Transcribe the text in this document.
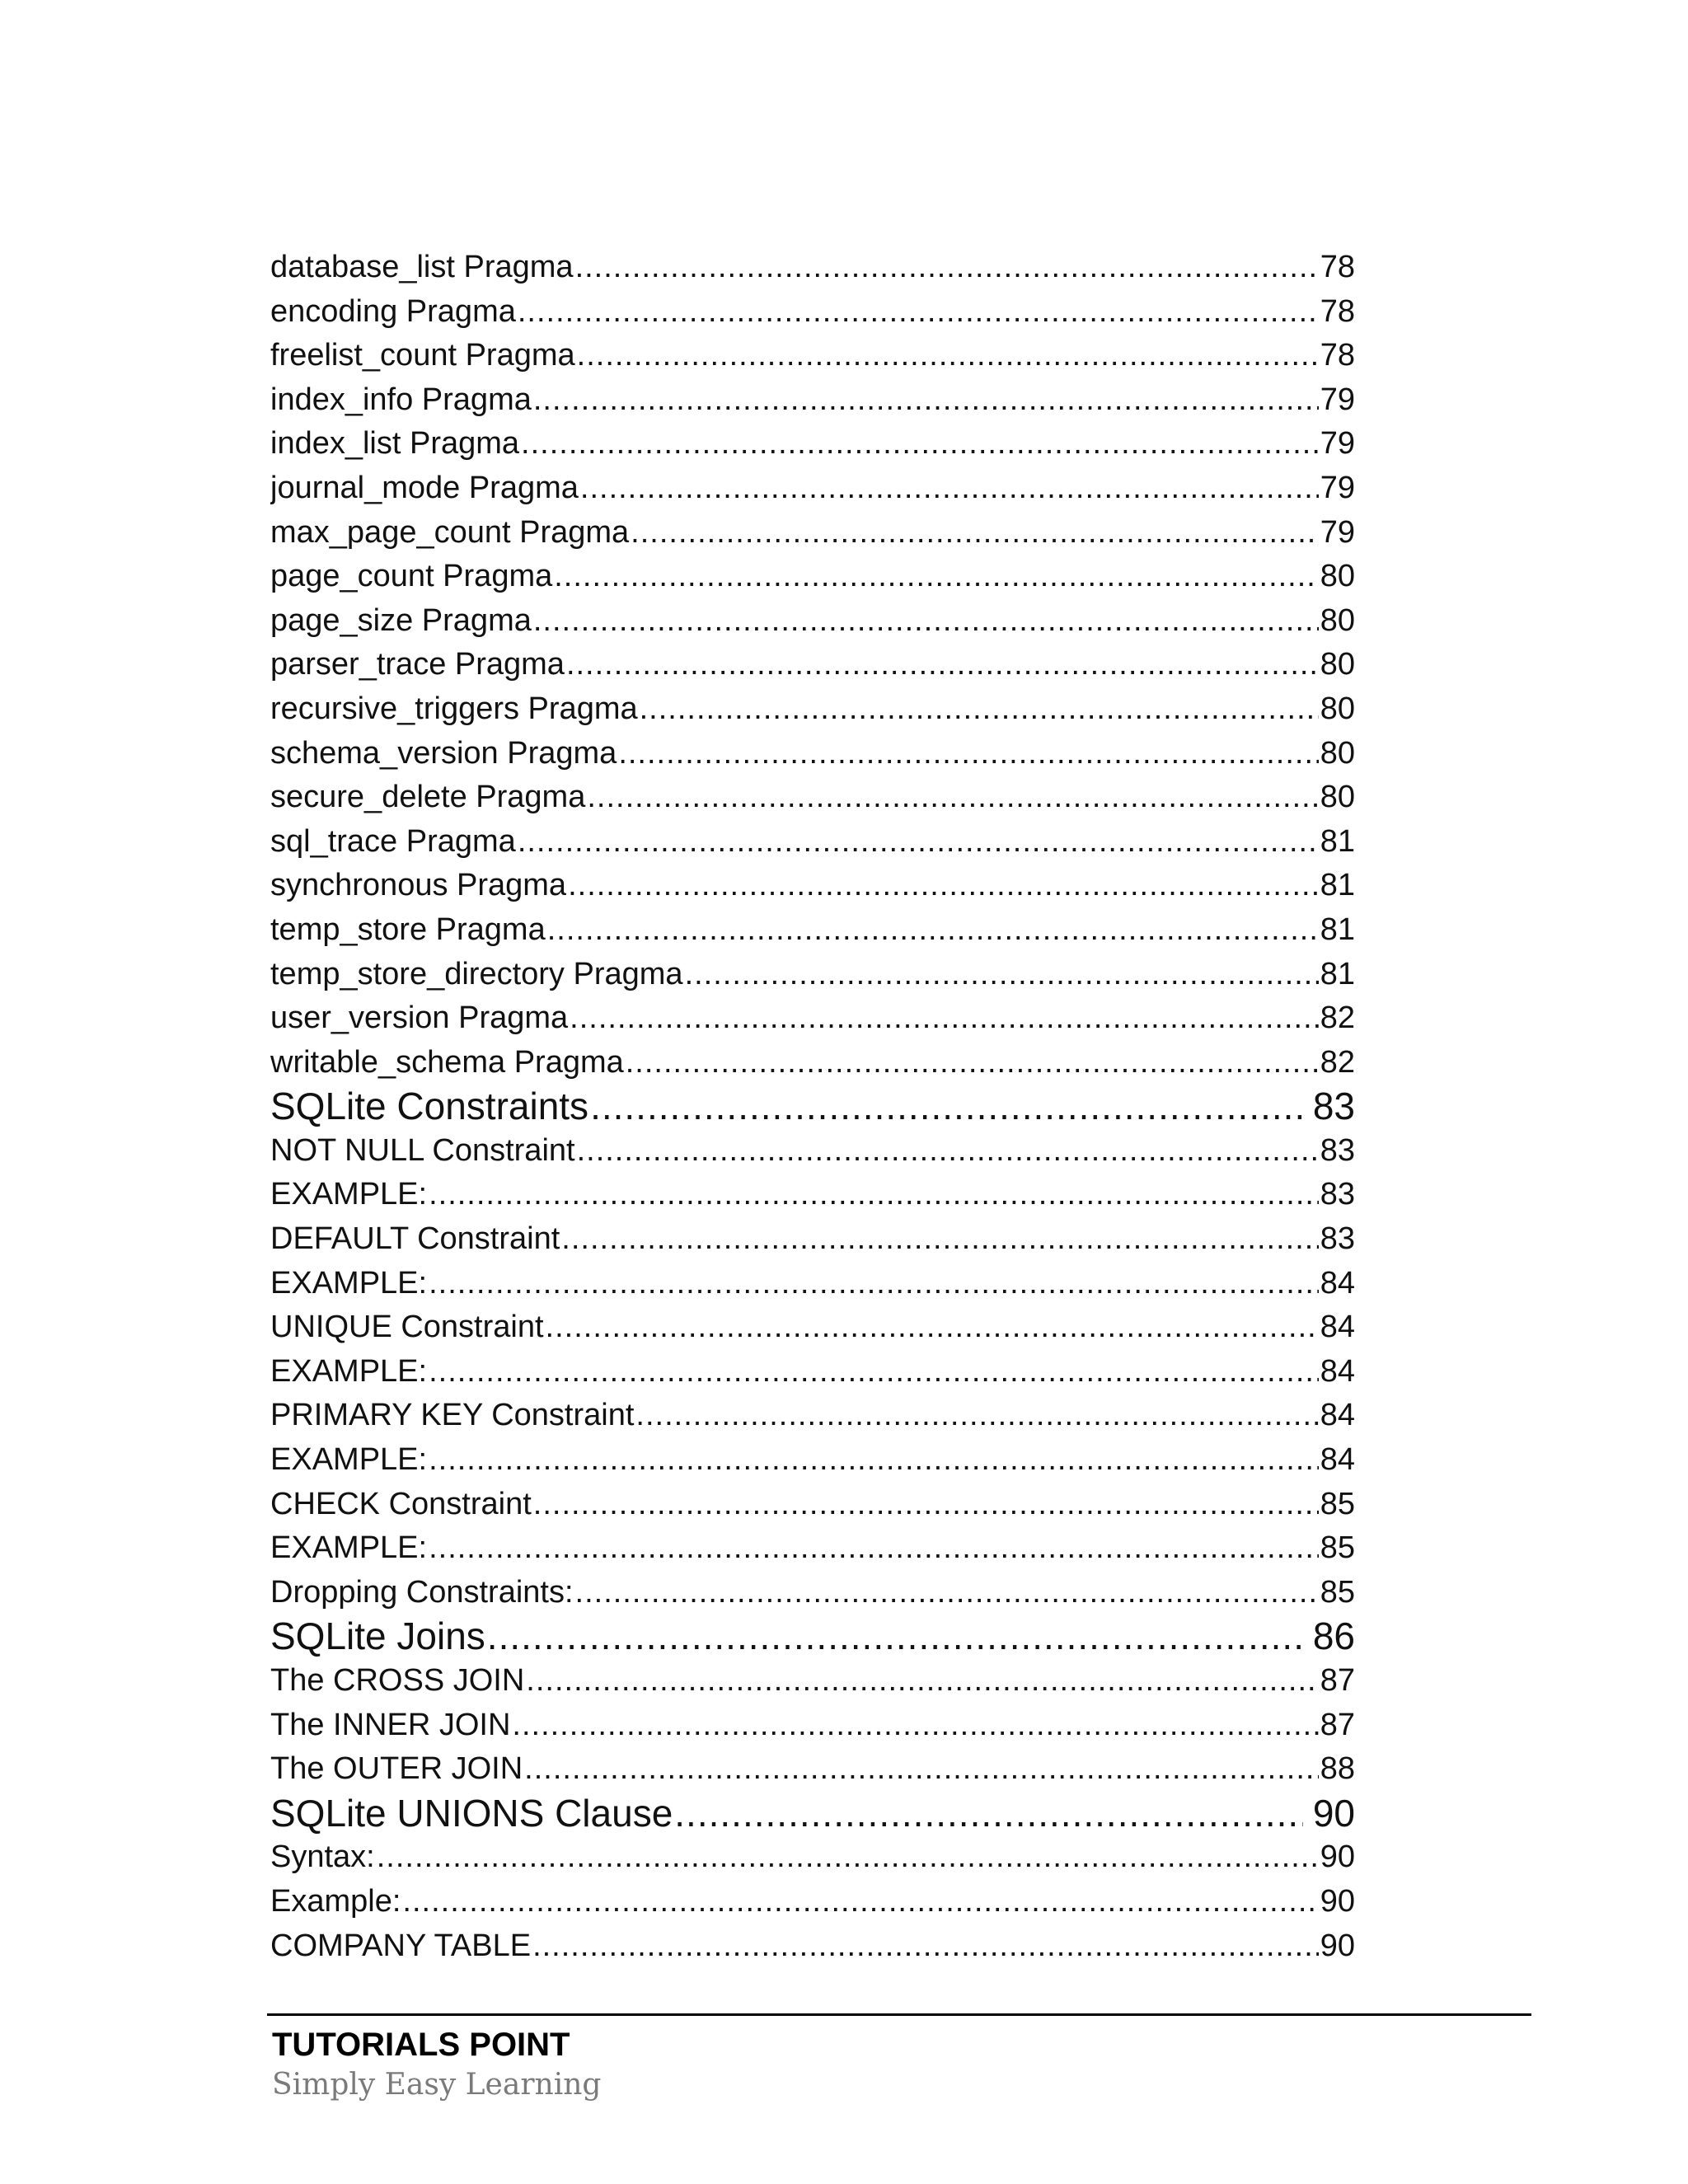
database_list Pragma .....	78
encoding Pragma .....	78
freelist_count Pragma .....	78
index_info Pragma .....	79
index_list Pragma .....	79
journal_mode Pragma .....	79
max_page_count Pragma .....	79
page_count Pragma .....	80
page_size Pragma .....	80
parser_trace Pragma .....	80
recursive_triggers Pragma .....	80
schema_version Pragma .....	80
secure_delete Pragma .....	80
sql_trace Pragma .....	81
synchronous Pragma .....	81
temp_store Pragma .....	81
temp_store_directory Pragma .....	81
user_version Pragma .....	82
writable_schema Pragma .....	82
SQLite Constraints .....	83
NOT NULL Constraint .....	83
EXAMPLE: .....	83
DEFAULT Constraint .....	83
EXAMPLE: .....	84
UNIQUE Constraint .....	84
EXAMPLE: .....	84
PRIMARY KEY Constraint .....	84
EXAMPLE: .....	84
CHECK Constraint .....	85
EXAMPLE: .....	85
Dropping Constraints: .....	85
SQLite Joins .....	86
The CROSS JOIN .....	87
The INNER JOIN .....	87
The OUTER JOIN .....	88
SQLite UNIONS Clause .....	90
Syntax: .....	90
Example: .....	90
COMPANY TABLE .....	90
TUTORIALS POINT
Simply Easy Learning
